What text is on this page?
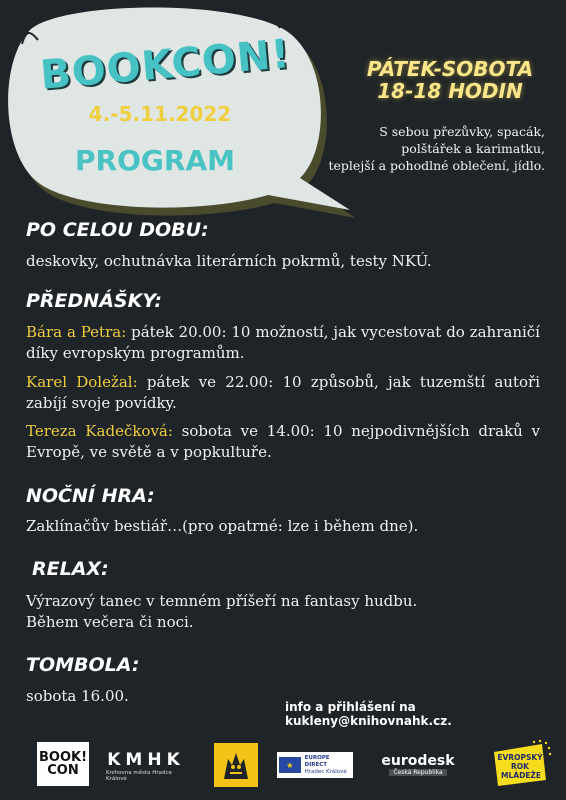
BOOKCON!
4.-5.11.2022
PROGRAM
PÁTEK-SOBOTA
18-18 HODIN
S sebou přezůvky, spacák,
polštářek a karimatku,
teplejší a pohodlné oblečení, jídlo.
PO CELOU DOBU:
deskovky, ochutnávka literárních pokrmů, testy NKÚ.
PŘEDNÁŠKY:
Bára a Petra: pátek 20.00: 10 možností, jak vycestovat do zahraničí díky evropským programům.
Karel Doležal: pátek ve 22.00: 10 způsobů, jak tuzemští autoři zabíjí svoje povídky.
Tereza Kadečková: sobota ve 14.00: 10 nejpodivnějších draků v Evropě, ve světě a v popkultuře.
NOČNÍ HRA:
Zaklínačův bestiář…(pro opatrné: lze i během dne).
RELAX:
Výrazový tanec v temném příšeří na fantasy hudbu.
Během večera či noci.
TOMBOLA:
sobota 16.00.
info a přihlášení na kukleny@knihovnahk.cz.
BOOK!
CON
KMHK
Knihovna města Hradce Králové
★
EUROPE DIRECT
Hradec Králové
eurodesk
Česká Republika
EVROPSKÝ
ROK
MLÁDEŽE
